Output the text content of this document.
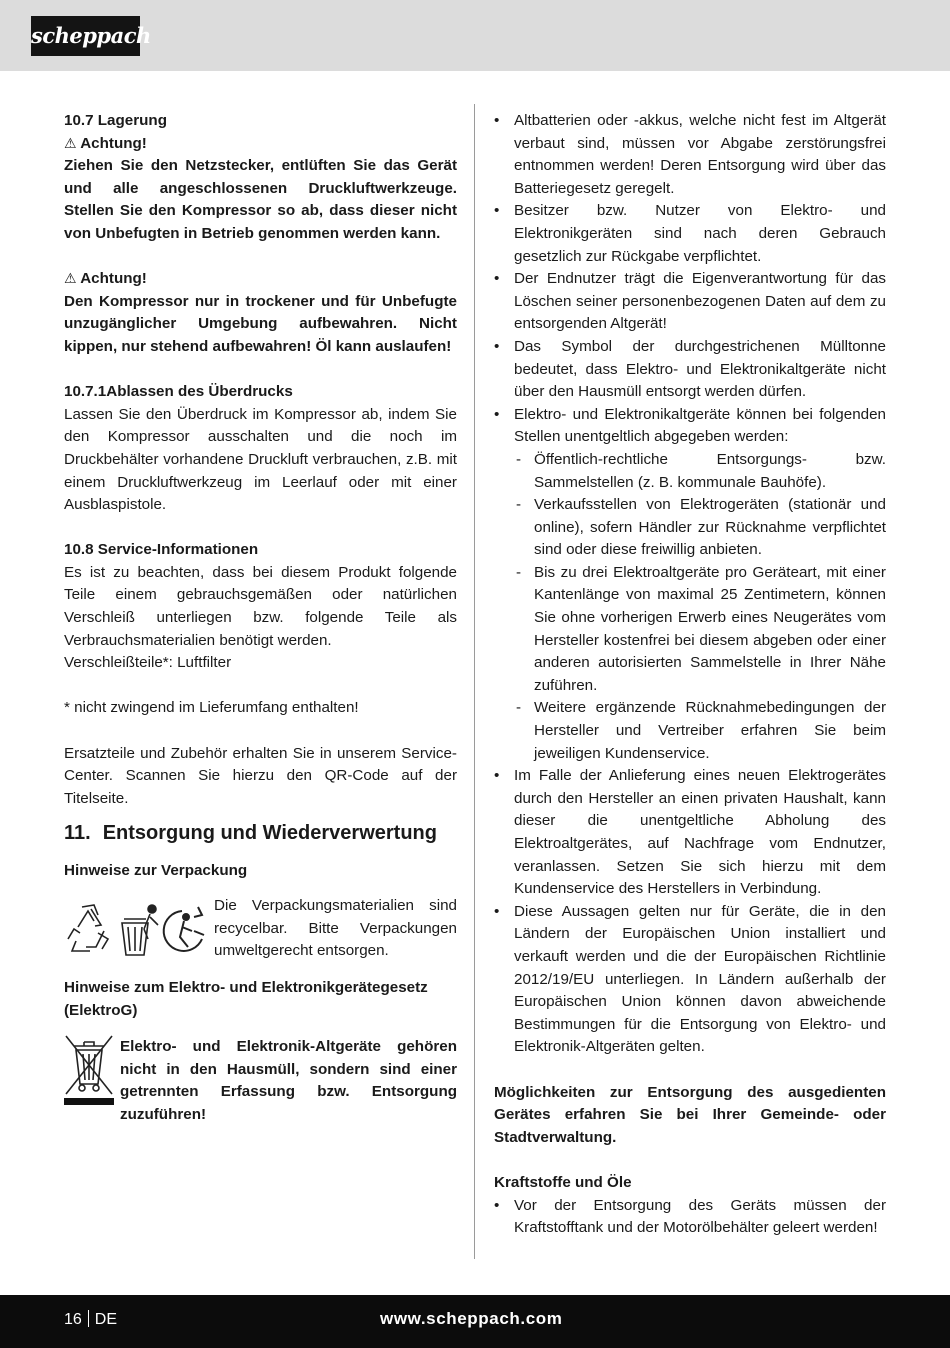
scheppach
10.7 Lagerung
⚠ Achtung!

Ziehen Sie den Netzstecker, entlüften Sie das Gerät und alle angeschlossenen Druckluftwerkzeuge. Stellen Sie den Kompressor so ab, dass dieser nicht von Unbefugten in Betrieb genommen werden kann.

⚠ Achtung!

Den Kompressor nur in trockener und für Unbefugte unzugänglicher Umgebung aufbewahren. Nicht kippen, nur stehend aufbewahren! Öl kann auslaufen!

10.7.1Ablassen des Überdrucks

Lassen Sie den Überdruck im Kompressor ab, indem Sie den Kompressor ausschalten und die noch im Druckbehälter vorhandene Druckluft verbrauchen, z.B. mit einem Druckluftwerkzeug im Leerlauf oder mit einer Ausblaspistole.

10.8 Service-Informationen

Es ist zu beachten, dass bei diesem Produkt folgende Teile einem gebrauchsgemäßen oder natürlichen Verschleiß unterliegen bzw. folgende Teile als Verbrauchsmaterialien benötigt werden.

Verschleißteile*: Luftfilter

* nicht zwingend im Lieferumfang enthalten!

Ersatzteile und Zubehör erhalten Sie in unserem Service-Center. Scannen Sie hierzu den QR-Code auf der Titelseite.

11. Entsorgung und Wiederverwertung
Hinweise zur Verpackung

Die Verpackungsmaterialien sind recycelbar. Bitte Verpackungen umweltgerecht entsorgen.

Hinweise zum Elektro- und Elektronikgerätegesetz (ElektroG)

Elektro- und Elektronik-Altgeräte gehören nicht in den Hausmüll, sondern sind einer getrennten Erfassung bzw. Entsorgung zuzuführen!

• Altbatterien oder -akkus, welche nicht fest im Altgerät verbaut sind, müssen vor Abgabe zerstörungsfrei entnommen werden! Deren Entsorgung wird über das Batteriegesetz geregelt.
• Besitzer bzw. Nutzer von Elektro- und Elektronikgeräten sind nach deren Gebrauch gesetzlich zur Rückgabe verpflichtet.
• Der Endnutzer trägt die Eigenverantwortung für das Löschen seiner personenbezogenen Daten auf dem zu entsorgenden Altgerät!
• Das Symbol der durchgestrichenen Mülltonne bedeutet, dass Elektro- und Elektronikaltgeräte nicht über den Hausmüll entsorgt werden dürfen.
• Elektro- und Elektronikaltgeräte können bei folgenden Stellen unentgeltlich abgegeben werden:
- Öffentlich-rechtliche Entsorgungs- bzw. Sammelstellen (z. B. kommunale Bauhöfe).
- Verkaufsstellen von Elektrogeräten (stationär und online), sofern Händler zur Rücknahme verpflichtet sind oder diese freiwillig anbieten.
- Bis zu drei Elektroaltgeräte pro Geräteart, mit einer Kantenlänge von maximal 25 Zentimetern, können Sie ohne vorherigen Erwerb eines Neugerätes vom Hersteller kostenfrei bei diesem abgeben oder einer anderen autorisierten Sammelstelle in Ihrer Nähe zuführen.
- Weitere ergänzende Rücknahmebedingungen der Hersteller und Vertreiber erfahren Sie beim jeweiligen Kundenservice.
• Im Falle der Anlieferung eines neuen Elektrogerätes durch den Hersteller an einen privaten Haushalt, kann dieser die unentgeltliche Abholung des Elektroaltgerätes, auf Nachfrage vom Endnutzer, veranlassen. Setzen Sie sich hierzu mit dem Kundenservice des Herstellers in Verbindung.
• Diese Aussagen gelten nur für Geräte, die in den Ländern der Europäischen Union installiert und verkauft werden und die der Europäischen Richtlinie 2012/19/EU unterliegen. In Ländern außerhalb der Europäischen Union können davon abweichende Bestimmungen für die Entsorgung von Elektro- und Elektronik-Altgeräten gelten.

Möglichkeiten zur Entsorgung des ausgedienten Gerätes erfahren Sie bei Ihrer Gemeinde- oder Stadtverwaltung.

Kraftstoffe und Öle
• Vor der Entsorgung des Geräts müssen der Kraftstofftank und der Motorölbehälter geleert werden!
16 DE	www.scheppach.com
